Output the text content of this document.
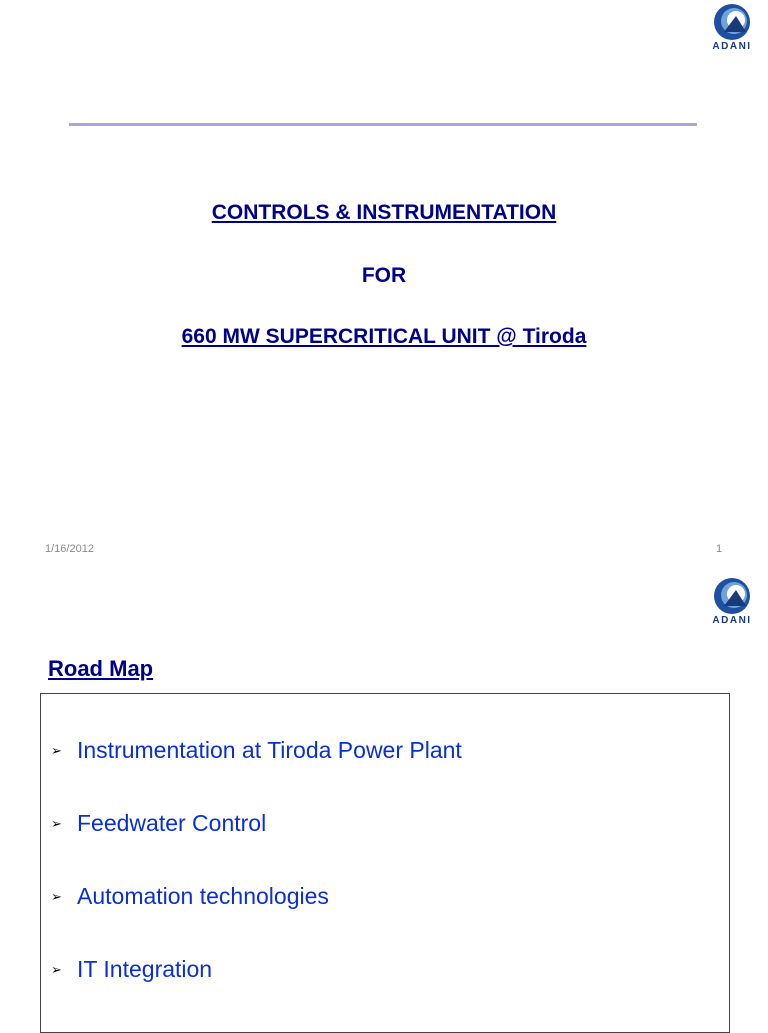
ADANI
CONTROLS & INSTRUMENTATION
FOR
660 MW SUPERCRITICAL UNIT @ Tiroda
1/16/2012	1
ADANI
Road Map
➢ Instrumentation at Tiroda Power Plant
➢ Feedwater Control
➢ Automation technologies
➢ IT Integration
